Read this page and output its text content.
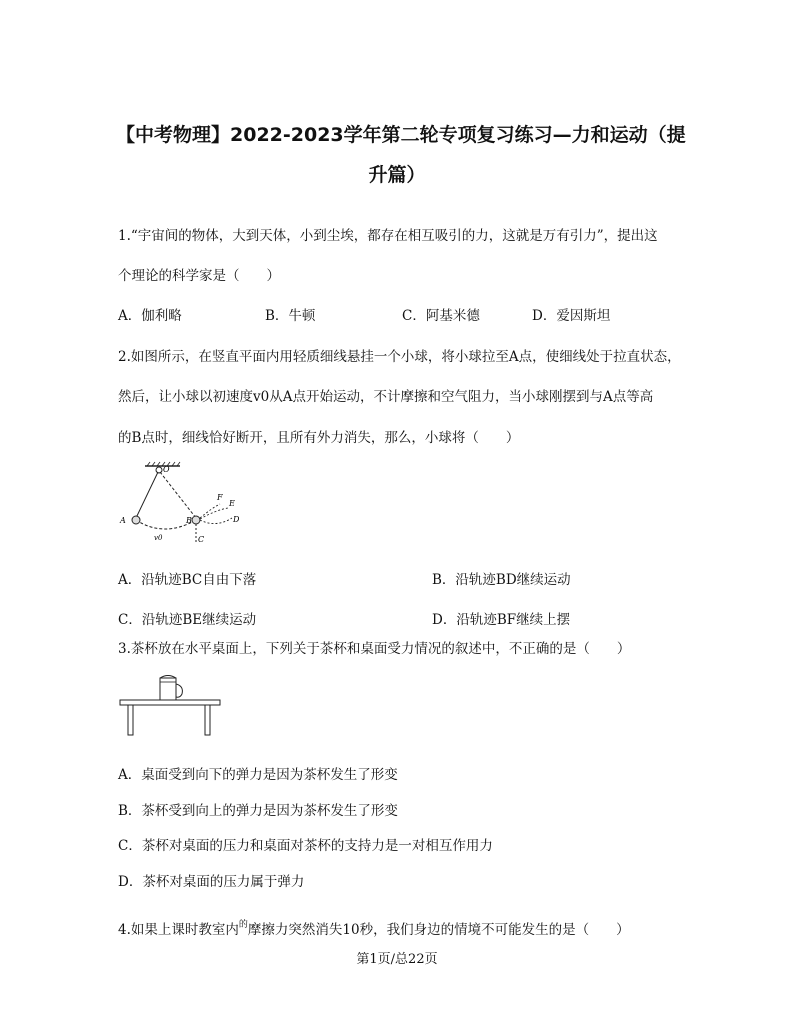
【中考物理】2022-2023学年第二轮专项复习练习—力和运动（提
升篇）
1.“宇宙间的物体，大到天体，小到尘埃，都存在相互吸引的力，这就是万有引力”，提出这
个理论的科学家是（　　）
A．伽利略	B．牛顿	C．阿基米德	D．爱因斯坦
2.如图所示，在竖直平面内用轻质细线悬挂一个小球，将小球拉至A点，使细线处于拉直状态，
然后，让小球以初速度v0从A点开始运动，不计摩擦和空气阻力，当小球刚摆到与A点等高
的B点时，细线恰好断开，且所有外力消失，那么，小球将（　　）
O
A	B
C
D
E
F
v0
A．沿轨迹BC自由下落	B．沿轨迹BD继续运动
C．沿轨迹BE继续运动	D．沿轨迹BF继续上摆
3.茶杯放在水平桌面上，下列关于茶杯和桌面受力情况的叙述中，不正确的是（　　）
A．桌面受到向下的弹力是因为茶杯发生了形变
B．茶杯受到向上的弹力是因为茶杯发生了形变
C．茶杯对桌面的压力和桌面对茶杯的支持力是一对相互作用力
D．茶杯对桌面的压力属于弹力
4.如果上课时教室内$^的$摩擦力突然消失10秒，我们身边的情境不可能发生的是（　　）
第1页/总22页
